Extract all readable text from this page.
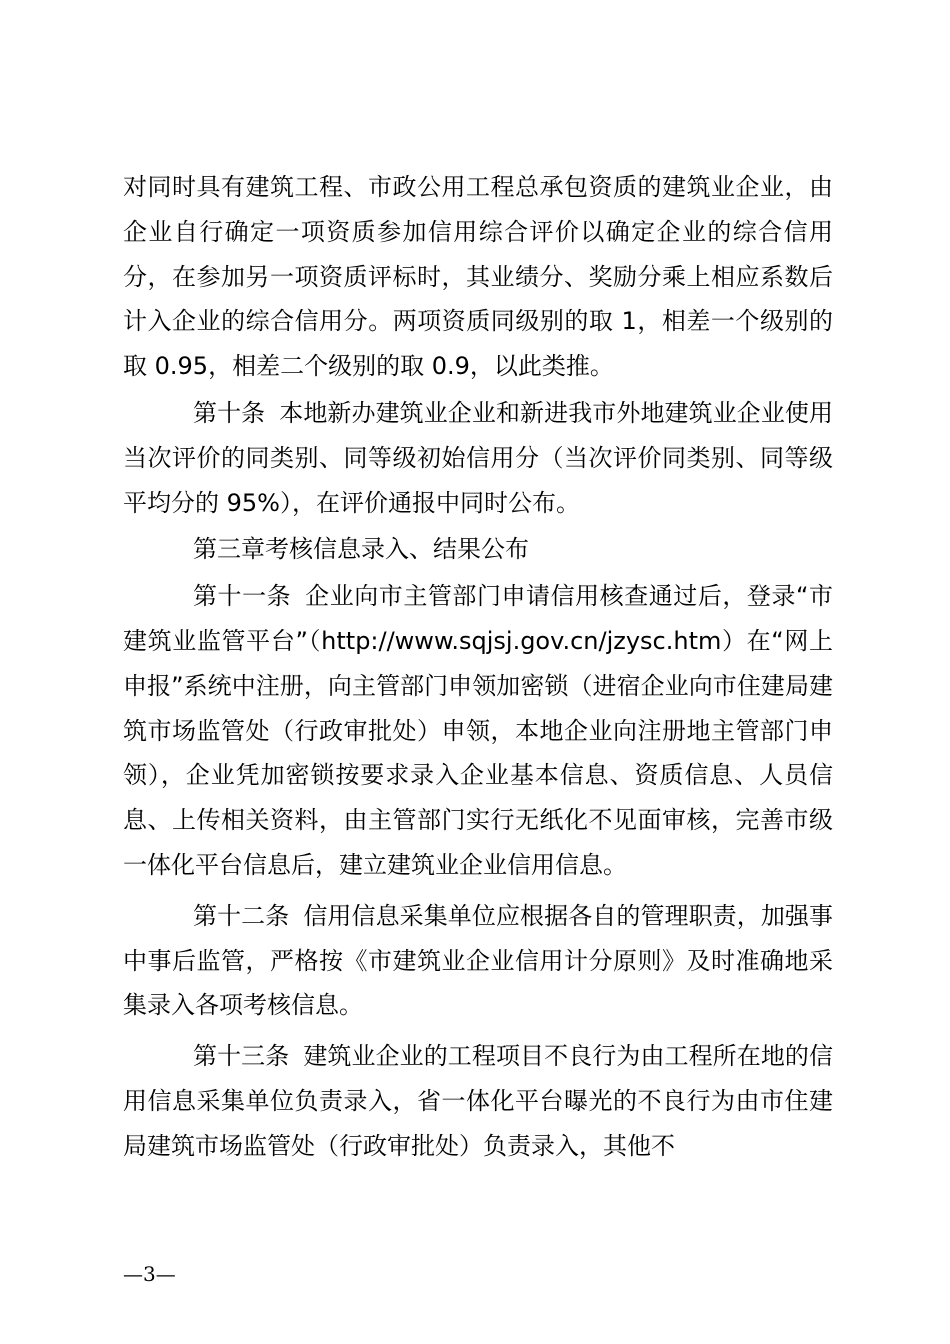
对同时具有建筑工程、市政公用工程总承包资质的建筑业企业，由企业自行确定一项资质参加信用综合评价以确定企业的综合信用分，在参加另一项资质评标时，其业绩分、奖励分乘上相应系数后计入企业的综合信用分。两项资质同级别的取 1，相差一个级别的取 0.95，相差二个级别的取 0.9，以此类推。

第十条 本地新办建筑业企业和新进我市外地建筑业企业使用当次评价的同类别、同等级初始信用分（当次评价同类别、同等级平均分的 95%），在评价通报中同时公布。

第三章考核信息录入、结果公布

第十一条 企业向市主管部门申请信用核查通过后，登录“市建筑业监管平台”（http://www.sqjsj.gov.cn/jzysc.htm）在“网上申报”系统中注册，向主管部门申领加密锁（进宿企业向市住建局建筑市场监管处（行政审批处）申领，本地企业向注册地主管部门申领），企业凭加密锁按要求录入企业基本信息、资质信息、人员信息、上传相关资料，由主管部门实行无纸化不见面审核，完善市级一体化平台信息后，建立建筑业企业信用信息。

第十二条 信用信息采集单位应根据各自的管理职责，加强事中事后监管，严格按《市建筑业企业信用计分原则》及时准确地采集录入各项考核信息。

第十三条 建筑业企业的工程项目不良行为由工程所在地的信用信息采集单位负责录入，省一体化平台曝光的不良行为由市住建局建筑市场监管处（行政审批处）负责录入，其他不

—3—
